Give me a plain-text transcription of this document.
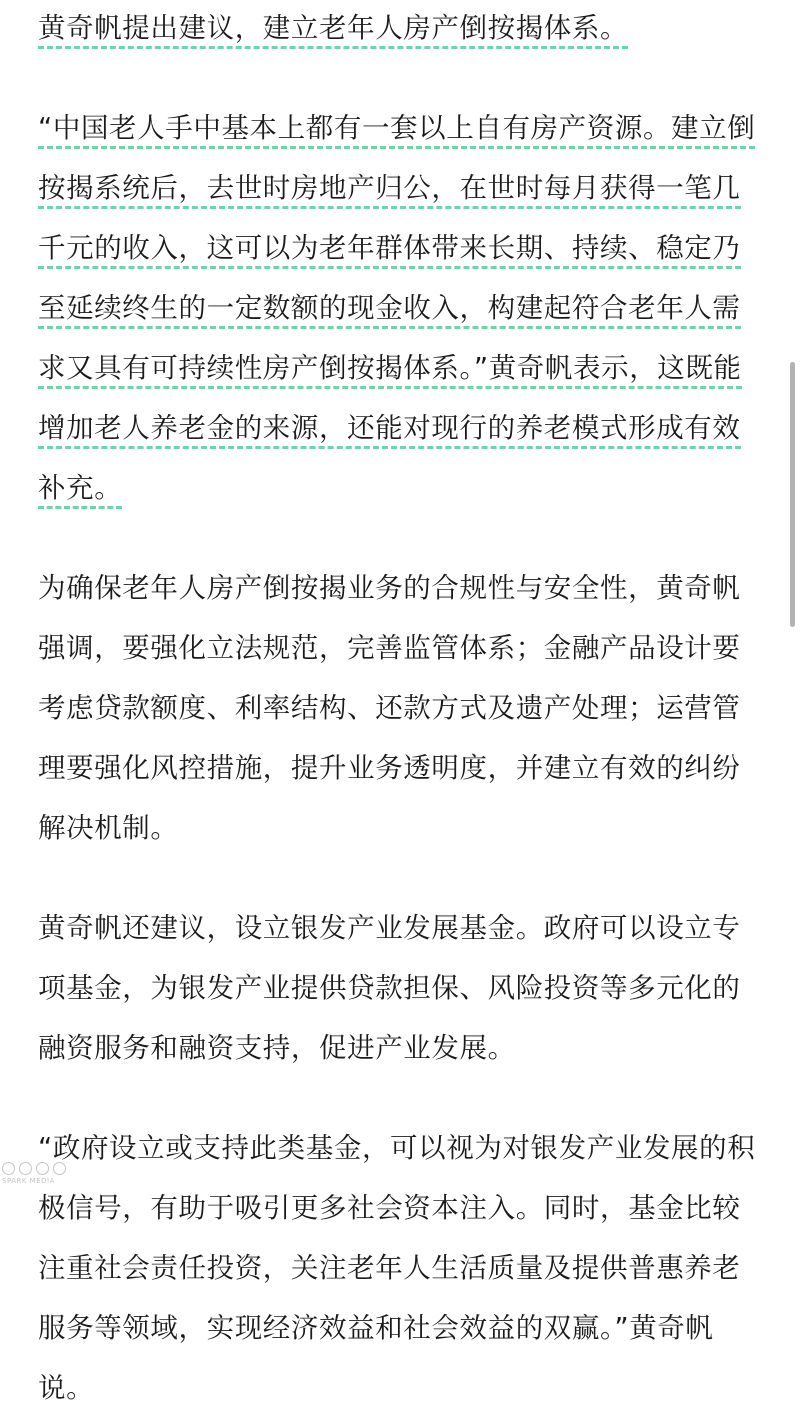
黄奇帆提出建议，建立老年人房产倒按揭体系。

“中国老人手中基本上都有一套以上自有房产资源。建立倒按揭系统后，去世时房地产归公，在世时每月获得一笔几千元的收入，这可以为老年群体带来长期、持续、稳定乃至延续终生的一定数额的现金收入，构建起符合老年人需求又具有可持续性房产倒按揭体系。”黄奇帆表示，这既能增加老人养老金的来源，还能对现行的养老模式形成有效补充。

为确保老年人房产倒按揭业务的合规性与安全性，黄奇帆强调，要强化立法规范，完善监管体系；金融产品设计要考虑贷款额度、利率结构、还款方式及遗产处理；运营管理要强化风控措施，提升业务透明度，并建立有效的纠纷解决机制。

黄奇帆还建议，设立银发产业发展基金。政府可以设立专项基金，为银发产业提供贷款担保、风险投资等多元化的融资服务和融资支持，促进产业发展。

“政府设立或支持此类基金，可以视为对银发产业发展的积极信号，有助于吸引更多社会资本注入。同时，基金比较注重社会责任投资，关注老年人生活质量及提供普惠养老服务等领域，实现经济效益和社会效益的双赢。”黄奇帆说。

SPARK MEDIA
